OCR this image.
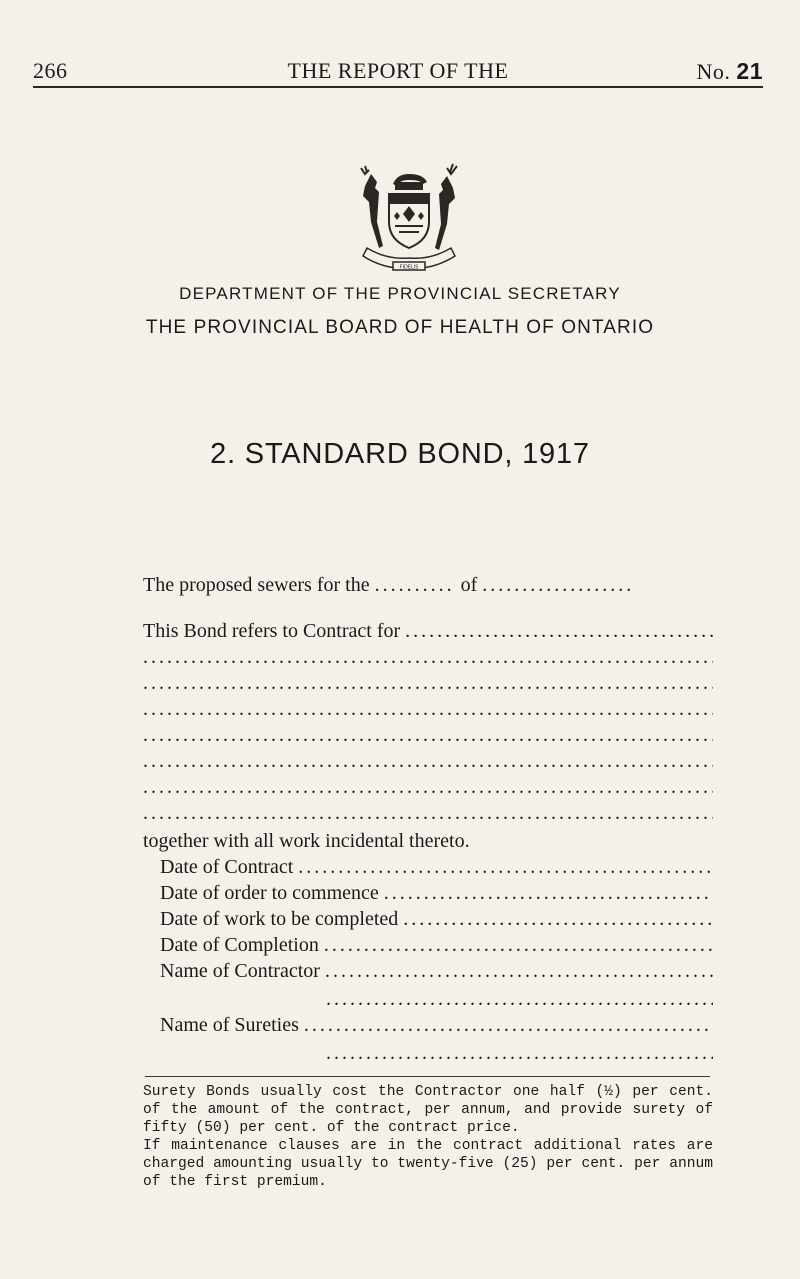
266	THE REPORT OF THE	No. 21
FIDELIS
DEPARTMENT OF THE PROVINCIAL SECRETARY
THE PROVINCIAL BOARD OF HEALTH OF ONTARIO
2. STANDARD BOND, 1917
The proposed sewers for the
.....	of
.....
This Bond refers to Contract for
.....
.....
.....
.....
.....
.....
.....
.....
together with all work incidental thereto.
Date of Contract
.....
Date of order to commence
.....
Date of work to be completed
.....
Date of Completion
.....
Name of Contractor
.....
.....
Name of Sureties
.....
.....

Surety Bonds usually cost the Contractor one half (½) per cent. of the amount of the contract, per annum, and provide surety of fifty (50) per cent. of the contract price.

If maintenance clauses are in the contract additional rates are charged amounting usually to twenty-five (25) per cent. per annum of the first premium.
